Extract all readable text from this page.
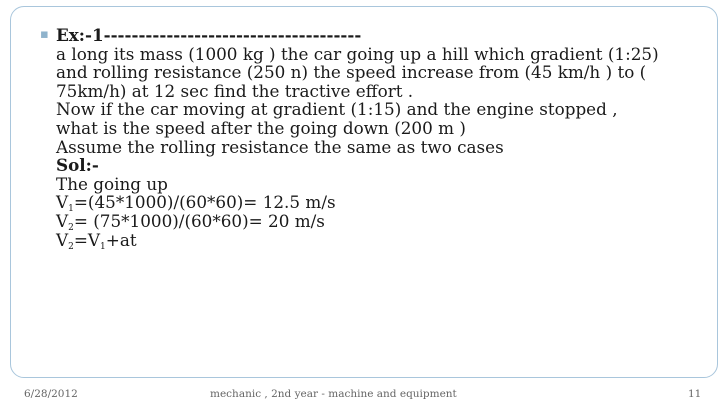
▪ Ex:-1-------------------------------------
a long its mass (1000 kg ) the car going up a hill which gradient (1:25)
and rolling resistance (250 n) the speed increase from (45 km/h ) to (
75km/h) at 12 sec find the tractive effort .
Now if the car moving at gradient (1:15) and the engine stopped ,
what is the speed after the going down (200 m )
Assume the rolling resistance the same as two cases
Sol:-
The going up
$V_1=(45*1000)/(60*60)= 12.5$ m/s
$V_2= (75*1000)/(60*60)= 20$ m/s
$V_2=V_1+at$
6/28/2012	mechanic , 2nd year - machine and equipment	11
